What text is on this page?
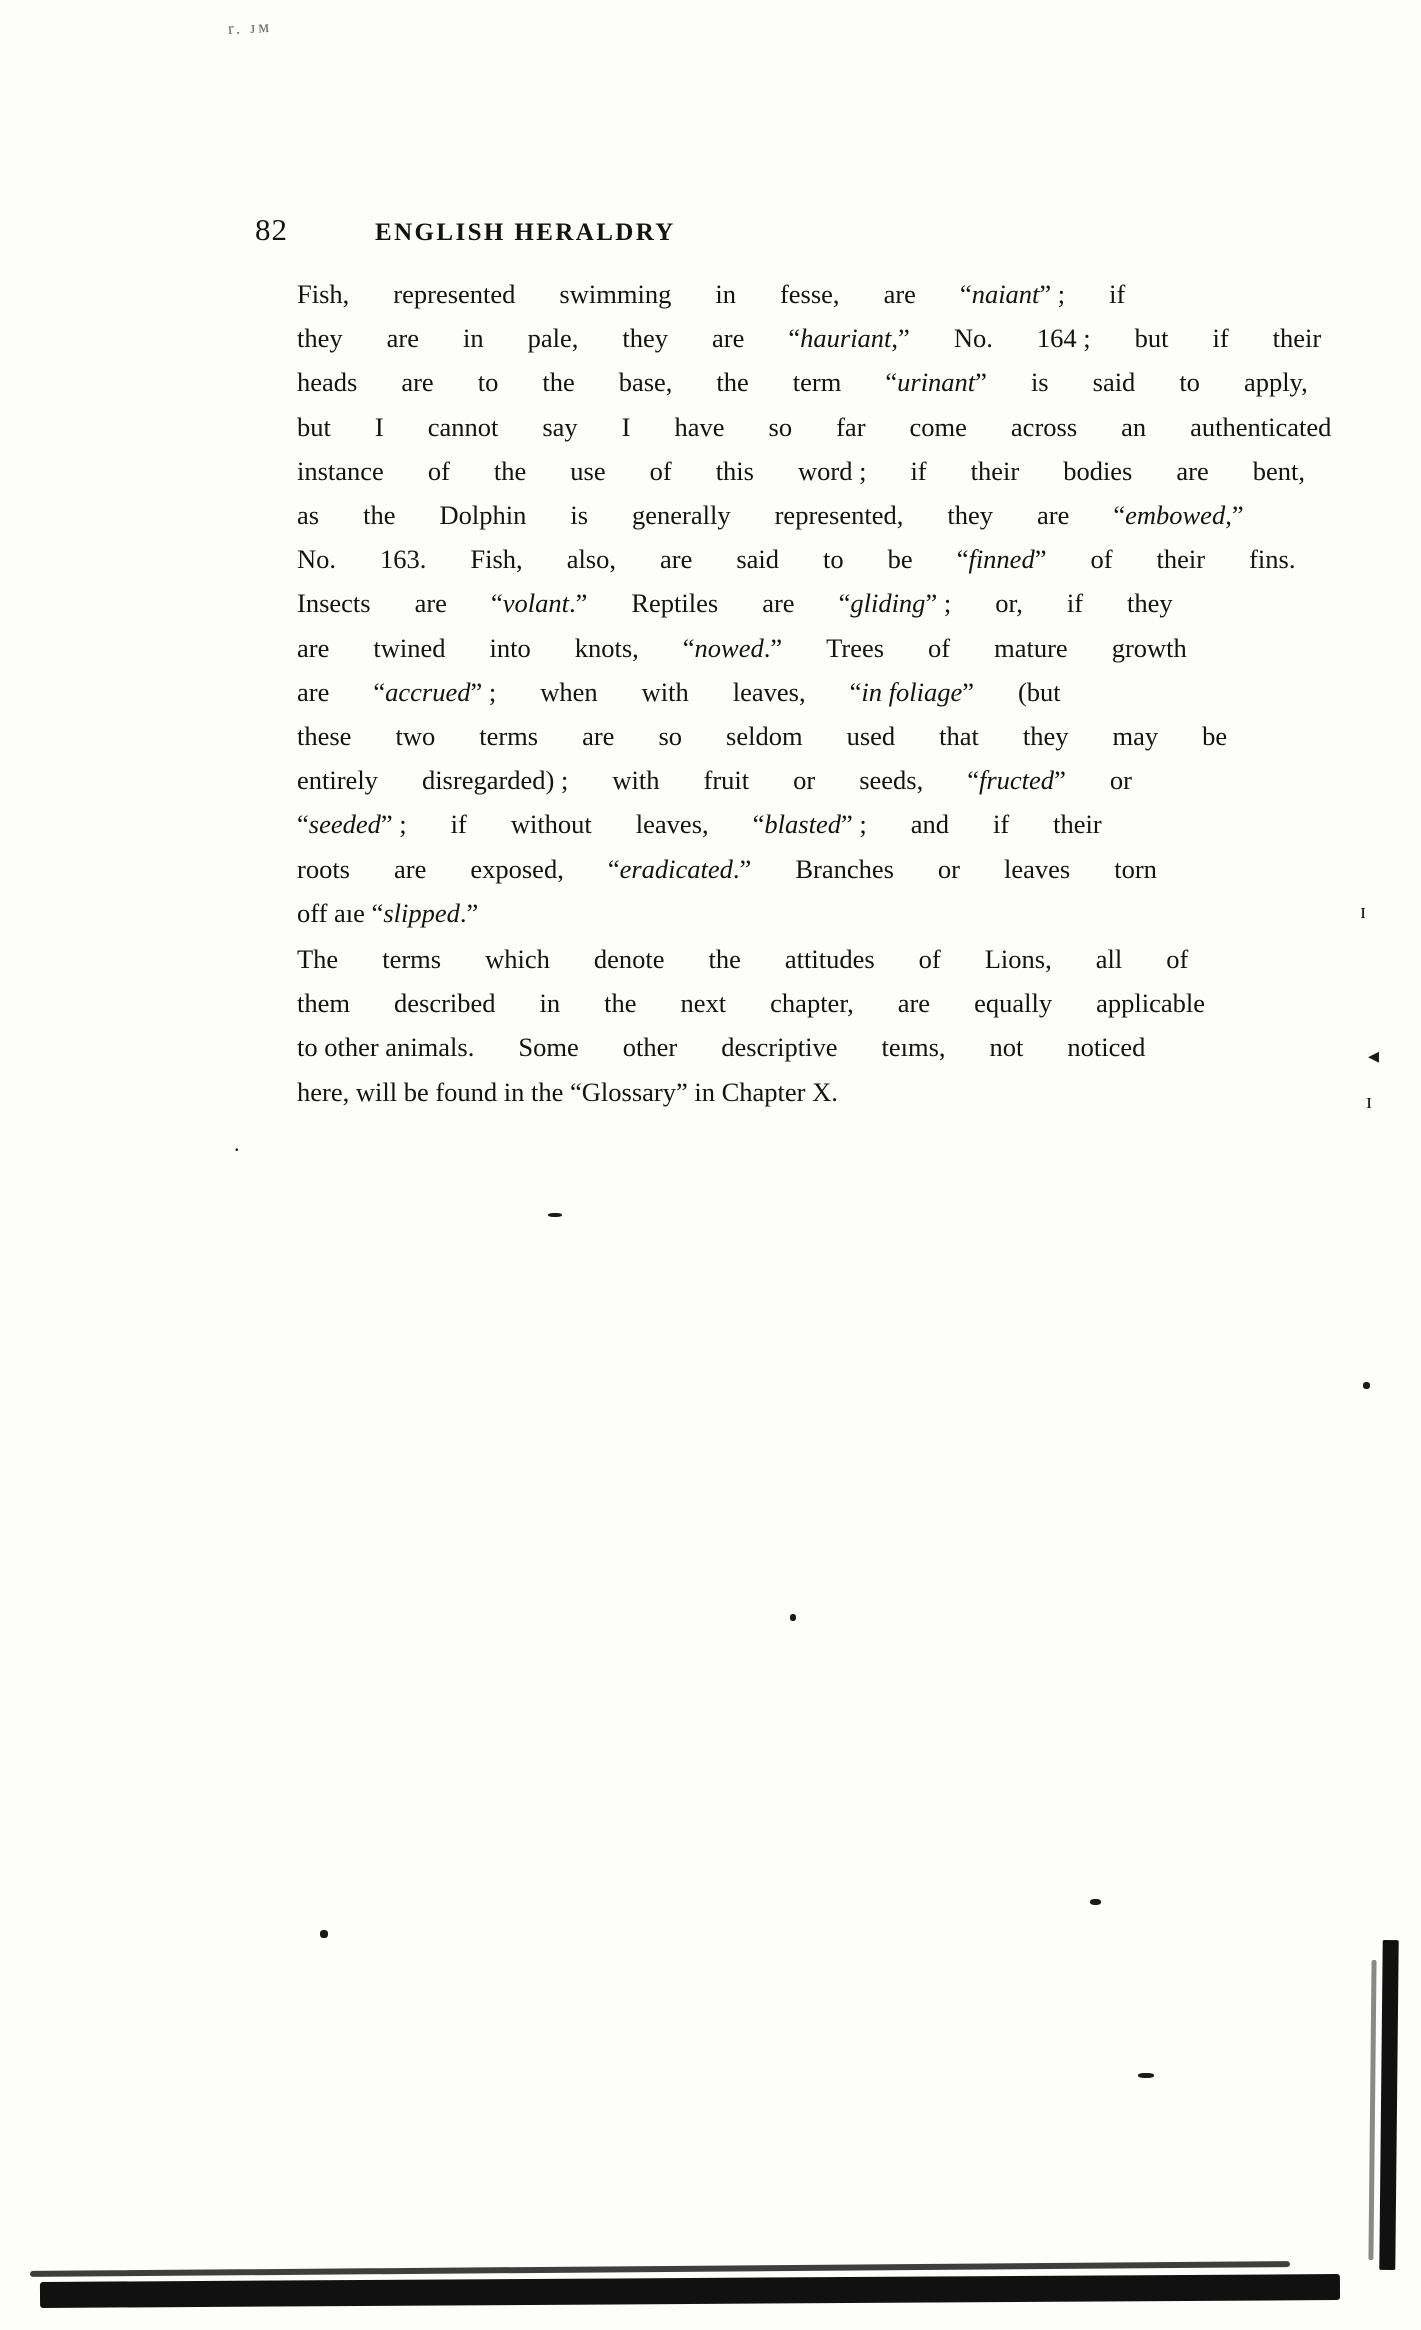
r. ᴊᴍ
82	ENGLISH HERALDRY

Fish,	represented	swimming	in	fesse,	are	“naiant” ;	if
they	are	in	pale,	they	are	“hauriant,”	No.	164 ;	but	if	their
heads	are	to	the	base,	the	term	“urinant”	is	said	to	apply,
but	I	cannot	say	I	have	so	far	come	across	an	authenticated
instance	of	the	use	of	this	word ;	if	their	bodies	are	bent,
as	the	Dolphin	is	generally	represented,	they	are	“embowed,”
No.	163.	Fish,	also,	are	said	to	be	“finned”	of	their	fins.
Insects	are	“volant.”	Reptiles	are	“gliding” ;	or,	if	they
are	twined	into	knots,	“nowed.”	Trees	of	mature	growth
are	“accrued” ;	when	with	leaves,	“in foliage”	(but
these	two	terms	are	so	seldom	used	that	they	may	be
entirely	disregarded) ;	with	fruit	or	seeds,	“fructed”	or
“seeded” ;	if	without	leaves,	“blasted” ;	and	if	their
roots	are	exposed,	“eradicated.”	Branches	or	leaves	torn
off aıe “slipped.”

The	terms	which	denote	the	attitudes	of	Lions,	all	of
them	described	in	the	next	chapter,	are	equally	applicable
to other animals.	Some	other	descriptive	teıms,	not	noticed
here, will be found in the “Glossary” in Chapter X.

.
ɪ
◂
ɪ
